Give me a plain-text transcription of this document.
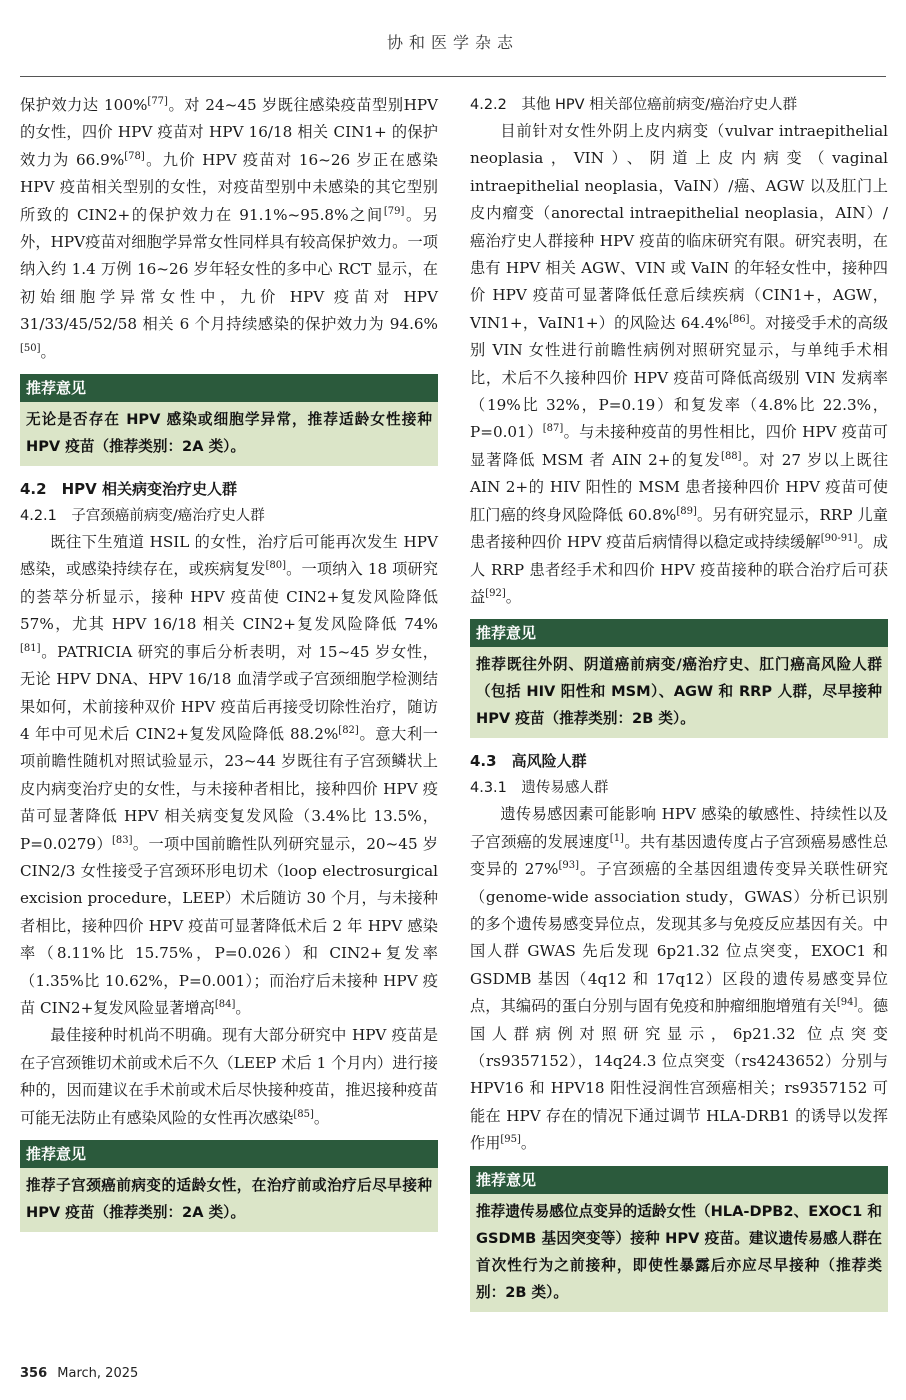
协和医学杂志

保护效力达 100%[77]。对 24~45 岁既往感染疫苗型别HPV的女性，四价 HPV 疫苗对 HPV 16/18 相关 CIN1+ 的保护效力为 66.9%[78]。九价 HPV 疫苗对 16~26 岁正在感染 HPV 疫苗相关型别的女性，对疫苗型别中未感染的其它型别所致的 CIN2+的保护效力在 91.1%~95.8%之间[79]。另外，HPV疫苗对细胞学异常女性同样具有较高保护效力。一项纳入约 1.4 万例 16~26 岁年轻女性的多中心 RCT 显示，在初始细胞学异常女性中，九价 HPV 疫苗对 HPV 31/33/45/52/58 相关 6 个月持续感染的保护效力为 94.6%[50]。

推荐意见
无论是否存在 HPV 感染或细胞学异常，推荐适龄女性接种 HPV 疫苗（推荐类别：2A 类）。
4.2　HPV 相关病变治疗史人群
4.2.1　子宫颈癌前病变/癌治疗史人群

既往下生殖道 HSIL 的女性，治疗后可能再次发生 HPV 感染，或感染持续存在，或疾病复发[80]。一项纳入 18 项研究的荟萃分析显示，接种 HPV 疫苗使 CIN2+复发风险降低 57%，尤其 HPV 16/18 相关 CIN2+复发风险降低 74%[81]。PATRICIA 研究的事后分析表明，对 15~45 岁女性，无论 HPV DNA、HPV 16/18 血清学或子宫颈细胞学检测结果如何，术前接种双价 HPV 疫苗后再接受切除性治疗，随访 4 年中可见术后 CIN2+复发风险降低 88.2%[82]。意大利一项前瞻性随机对照试验显示，23~44 岁既往有子宫颈鳞状上皮内病变治疗史的女性，与未接种者相比，接种四价 HPV 疫苗可显著降低 HPV 相关病变复发风险（3.4%比 13.5%，P=0.0279）[83]。一项中国前瞻性队列研究显示，20~45 岁 CIN2/3 女性接受子宫颈环形电切术（loop electrosurgical excision procedure，LEEP）术后随访 30 个月，与未接种者相比，接种四价 HPV 疫苗可显著降低术后 2 年 HPV 感染率（8.11%比 15.75%，P=0.026）和 CIN2+复发率（1.35%比 10.62%，P=0.001）；而治疗后未接种 HPV 疫苗 CIN2+复发风险显著增高[84]。

最佳接种时机尚不明确。现有大部分研究中 HPV 疫苗是在子宫颈锥切术前或术后不久（LEEP 术后 1 个月内）进行接种的，因而建议在手术前或术后尽快接种疫苗，推迟接种疫苗可能无法防止有感染风险的女性再次感染[85]。

推荐意见
推荐子宫颈癌前病变的适龄女性，在治疗前或治疗后尽早接种 HPV 疫苗（推荐类别：2A 类）。
4.2.2　其他 HPV 相关部位癌前病变/癌治疗史人群

目前针对女性外阴上皮内病变（vulvar intraepithelial neoplasia，VIN）、阴道上皮内病变（vaginal intraepithelial neoplasia，VaIN）/癌、AGW 以及肛门上皮内瘤变（anorectal intraepithelial neoplasia，AIN）/癌治疗史人群接种 HPV 疫苗的临床研究有限。研究表明，在患有 HPV 相关 AGW、VIN 或 VaIN 的年轻女性中，接种四价 HPV 疫苗可显著降低任意后续疾病（CIN1+，AGW，VIN1+，VaIN1+）的风险达 64.4%[86]。对接受手术的高级别 VIN 女性进行前瞻性病例对照研究显示，与单纯手术相比，术后不久接种四价 HPV 疫苗可降低高级别 VIN 发病率（19%比 32%，P=0.19）和复发率（4.8%比 22.3%，P=0.01）[87]。与未接种疫苗的男性相比，四价 HPV 疫苗可显著降低 MSM 者 AIN 2+的复发[88]。对 27 岁以上既往 AIN 2+的 HIV 阳性的 MSM 患者接种四价 HPV 疫苗可使肛门癌的终身风险降低 60.8%[89]。另有研究显示，RRP 儿童患者接种四价 HPV 疫苗后病情得以稳定或持续缓解[90-91]。成人 RRP 患者经手术和四价 HPV 疫苗接种的联合治疗后可获益[92]。

推荐意见
推荐既往外阴、阴道癌前病变/癌治疗史、肛门癌高风险人群（包括 HIV 阳性和 MSM）、AGW 和 RRP 人群，尽早接种 HPV 疫苗（推荐类别：2B 类）。
4.3　高风险人群
4.3.1　遗传易感人群

遗传易感因素可能影响 HPV 感染的敏感性、持续性以及子宫颈癌的发展速度[1]。共有基因遗传度占子宫颈癌易感性总变异的 27%[93]。子宫颈癌的全基因组遗传变异关联性研究（genome-wide association study，GWAS）分析已识别的多个遗传易感变异位点，发现其多与免疫反应基因有关。中国人群 GWAS 先后发现 6p21.32 位点突变，EXOC1 和 GSDMB 基因（4q12 和 17q12）区段的遗传易感变异位点，其编码的蛋白分别与固有免疫和肿瘤细胞增殖有关[94]。德国人群病例对照研究显示，6p21.32 位点突变（rs9357152），14q24.3 位点突变（rs4243652）分别与 HPV16 和 HPV18 阳性浸润性宫颈癌相关；rs9357152 可能在 HPV 存在的情况下通过调节 HLA-DRB1 的诱导以发挥作用[95]。

推荐意见
推荐遗传易感位点变异的适龄女性（HLA-DPB2、EXOC1 和 GSDMB 基因突变等）接种 HPV 疫苗。建议遗传易感人群在首次性行为之前接种，即使性暴露后亦应尽早接种（推荐类别：2B 类）。
356 March, 2025
